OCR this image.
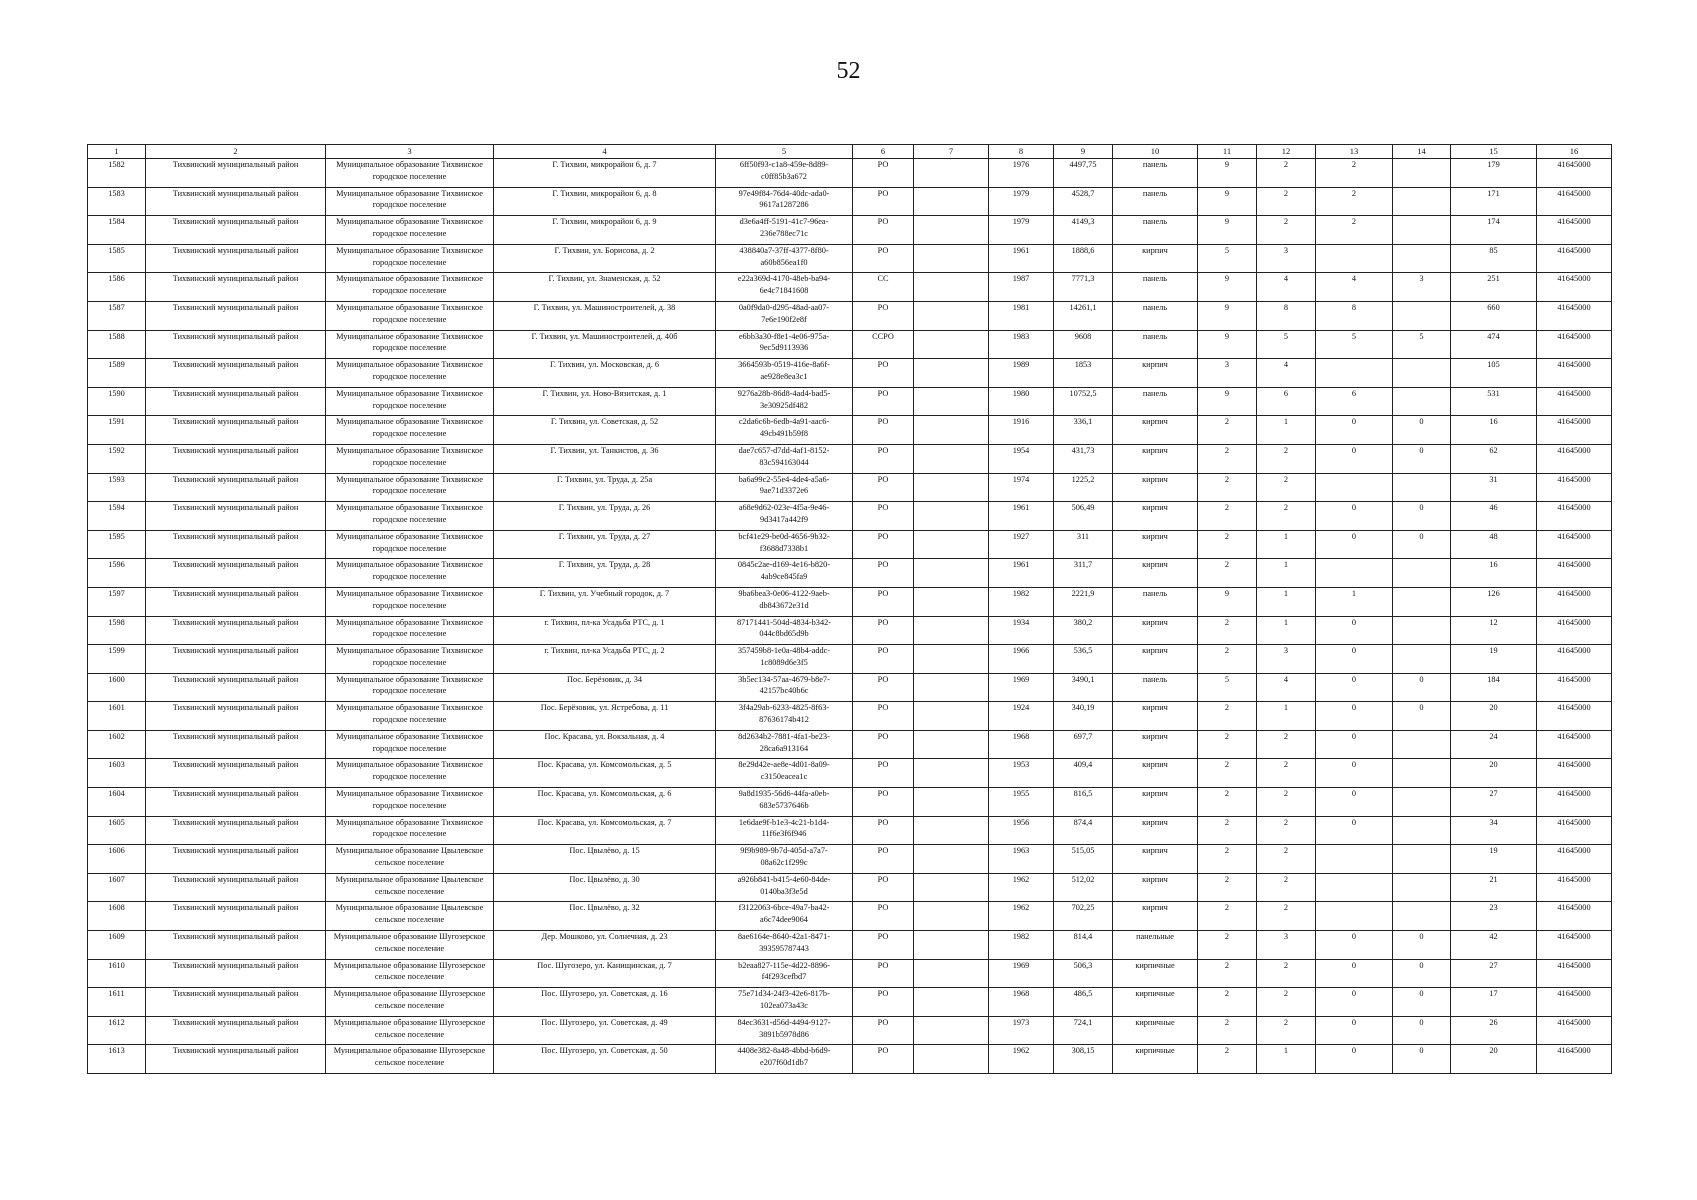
52
1	2	3	4	5	6	7	8	9	10	11	12	13	14	15	16
1582	Тихвинский муниципальный район	Муниципальное образование Тихвинское городское поселение	Г. Тихвин, микрорайон 6, д. 7	6ff50f93-c1a8-459e-8d89-c0ff85b3a672	РО		1976	4497,75	панель	9	2	2		179	41645000
1583	Тихвинский муниципальный район	Муниципальное образование Тихвинское городское поселение	Г. Тихвин, микрорайон 6, д. 8	97e49f84-76d4-40dc-ada0-9617a1287286	РО		1979	4528,7	панель	9	2	2		171	41645000
1584	Тихвинский муниципальный район	Муниципальное образование Тихвинское городское поселение	Г. Тихвин, микрорайон 6, д. 9	d3e6a4ff-5191-41c7-96ea-236e788ec71c	РО		1979	4149,3	панель	9	2	2		174	41645000
1585	Тихвинский муниципальный район	Муниципальное образование Тихвинское городское поселение	Г. Тихвин, ул. Борисова, д. 2	438840a7-37ff-4377-8f80-a60b856ea1f0	РО		1961	1888,6	кирпич	5	3			85	41645000
1586	Тихвинский муниципальный район	Муниципальное образование Тихвинское городское поселение	Г. Тихвин, ул. Знаменская, д. 52	e22a369d-4170-48eb-ba94-6e4c71841608	СС		1987	7771,3	панель	9	4	4	3	251	41645000
1587	Тихвинский муниципальный район	Муниципальное образование Тихвинское городское поселение	Г. Тихвин, ул. Машиностроителей, д. 38	0a0f9da0-d295-48ad-aa07-7e6e190f2e8f	РО		1981	14261,1	панель	9	8	8		660	41645000
1588	Тихвинский муниципальный район	Муниципальное образование Тихвинское городское поселение	Г. Тихвин, ул. Машиностроителей, д. 40б	e6bb3a30-f8e1-4e06-975a-9ec5d9113936	ССРО		1983	9608	панель	9	5	5	5	474	41645000
1589	Тихвинский муниципальный район	Муниципальное образование Тихвинское городское поселение	Г. Тихвин, ул. Московская, д. 6	3664593b-0519-416e-8a6f-ae928e8ea3c1	РО		1989	1853	кирпич	3	4			105	41645000
1590	Тихвинский муниципальный район	Муниципальное образование Тихвинское городское поселение	Г. Тихвин, ул. Ново-Вязитская, д. 1	9276a28b-86d8-4ad4-bad5-3e30925df482	РО		1980	10752,5	панель	9	6	6		531	41645000
1591	Тихвинский муниципальный район	Муниципальное образование Тихвинское городское поселение	Г. Тихвин, ул. Советская, д. 52	c2da6c6b-6edb-4a91-aac6-49cb491b59f8	РО		1916	336,1	кирпич	2	1	0	0	16	41645000
1592	Тихвинский муниципальный район	Муниципальное образование Тихвинское городское поселение	Г. Тихвин, ул. Танкистов, д. 36	dae7c657-d7dd-4af1-8152-83c594163044	РО		1954	431,73	кирпич	2	2	0	0	62	41645000
1593	Тихвинский муниципальный район	Муниципальное образование Тихвинское городское поселение	Г. Тихвин, ул. Труда, д. 25а	ba6a99c2-55e4-4de4-a5a6-9ae71d3372e6	РО		1974	1225,2	кирпич	2	2			31	41645000
1594	Тихвинский муниципальный район	Муниципальное образование Тихвинское городское поселение	Г. Тихвин, ул. Труда, д. 26	a68e9d62-023e-4f5a-9e46-9d3417a442f9	РО		1961	506,49	кирпич	2	2	0	0	46	41645000
1595	Тихвинский муниципальный район	Муниципальное образование Тихвинское городское поселение	Г. Тихвин, ул. Труда, д. 27	bcf41e29-be0d-4656-9b32-f3688d7338b1	РО		1927	311	кирпич	2	1	0	0	48	41645000
1596	Тихвинский муниципальный район	Муниципальное образование Тихвинское городское поселение	Г. Тихвин, ул. Труда, д. 28	0845c2ae-d169-4e16-b820-4ab9ce845fa9	РО		1961	311,7	кирпич	2	1			16	41645000
1597	Тихвинский муниципальный район	Муниципальное образование Тихвинское городское поселение	Г. Тихвин, ул. Учебный городок, д. 7	9ba6bea3-0e06-4122-9aeb-db843672e31d	РО		1982	2221,9	панель	9	1	1		126	41645000
1598	Тихвинский муниципальный район	Муниципальное образование Тихвинское городское поселение	г. Тихвин, пл-ка Усадьба РТС, д. 1	87171441-504d-4834-b342-044c8bd65d9b	РО		1934	380,2	кирпич	2	1	0		12	41645000
1599	Тихвинский муниципальный район	Муниципальное образование Тихвинское городское поселение	г. Тихвин, пл-ка Усадьба РТС, д. 2	357459b8-1e0a-48b4-addc-1c8089d6e3f5	РО		1966	536,5	кирпич	2	3	0		19	41645000
1600	Тихвинский муниципальный район	Муниципальное образование Тихвинское городское поселение	Пос. Берёзовик, д. 34	3b5ec134-57aa-4679-b8e7-42157bc40b6c	РО		1969	3490,1	панель	5	4	0	0	184	41645000
1601	Тихвинский муниципальный район	Муниципальное образование Тихвинское городское поселение	Пос. Берёзовик, ул. Ястребова, д. 11	3f4a29ab-6233-4825-8f63-87636174b412	РО		1924	340,19	кирпич	2	1	0	0	20	41645000
1602	Тихвинский муниципальный район	Муниципальное образование Тихвинское городское поселение	Пос. Красава, ул. Вокзальная, д. 4	8d2634b2-7881-4fa1-be23-28ca6a913164	РО		1968	697,7	кирпич	2	2	0		24	41645000
1603	Тихвинский муниципальный район	Муниципальное образование Тихвинское городское поселение	Пос. Красава, ул. Комсомольская, д. 5	8e29d42e-ae8e-4d01-8a09-c3150eacea1c	РО		1953	409,4	кирпич	2	2	0		20	41645000
1604	Тихвинский муниципальный район	Муниципальное образование Тихвинское городское поселение	Пос. Красава, ул. Комсомольская, д. 6	9a8d1935-56d6-44fa-a0eb-683e5737646b	РО		1955	816,5	кирпич	2	2	0		27	41645000
1605	Тихвинский муниципальный район	Муниципальное образование Тихвинское городское поселение	Пос. Красава, ул. Комсомольская, д. 7	1e6dae9f-b1e3-4c21-b1d4-11f6e3f6f946	РО		1956	874,4	кирпич	2	2	0		34	41645000
1606	Тихвинский муниципальный район	Муниципальное образование Цвылевское сельское поселение	Пос. Цвылёво, д. 15	9f9b989-9b7d-405d-a7a7-08a62c1f299c	РО		1963	515,05	кирпич	2	2			19	41645000
1607	Тихвинский муниципальный район	Муниципальное образование Цвылевское сельское поселение	Пос. Цвылёво, д. 30	a926b841-b415-4e60-84de-0140ba3f3e5d	РО		1962	512,02	кирпич	2	2			21	41645000
1608	Тихвинский муниципальный район	Муниципальное образование Цвылевское сельское поселение	Пос. Цвылёво, д. 32	f3122063-6bce-49a7-ba42-a6c74dee9064	РО		1962	702,25	кирпич	2	2			23	41645000
1609	Тихвинский муниципальный район	Муниципальное образование Шугозерское сельское поселение	Дер. Мошково, ул. Солнечная, д. 23	8ae6164e-8640-42a1-8471-393595787443	РО		1982	814,4	панельные	2	3	0	0	42	41645000
1610	Тихвинский муниципальный район	Муниципальное образование Шугозерское сельское поселение	Пос. Шугозеро, ул. Канищинская, д. 7	b2eaa827-115e-4d22-8896-f4f293cefbd7	РО		1969	506,3	кирпичные	2	2	0	0	27	41645000
1611	Тихвинский муниципальный район	Муниципальное образование Шугозерское сельское поселение	Пос. Шугозеро, ул. Советская, д. 16	75e71d34-24f3-42e6-817b-102ea073a43c	РО		1968	486,5	кирпичные	2	2	0	0	17	41645000
1612	Тихвинский муниципальный район	Муниципальное образование Шугозерское сельское поселение	Пос. Шугозеро, ул. Советская, д. 49	84ec3631-d56d-4494-9127-3891b5978d86	РО		1973	724,1	кирпичные	2	2	0	0	26	41645000
1613	Тихвинский муниципальный район	Муниципальное образование Шугозерское сельское поселение	Пос. Шугозеро, ул. Советская, д. 50	4408e382-8a48-4bbd-b6d9-e207f60d1db7	РО		1962	308,15	кирпичные	2	1	0	0	20	41645000
